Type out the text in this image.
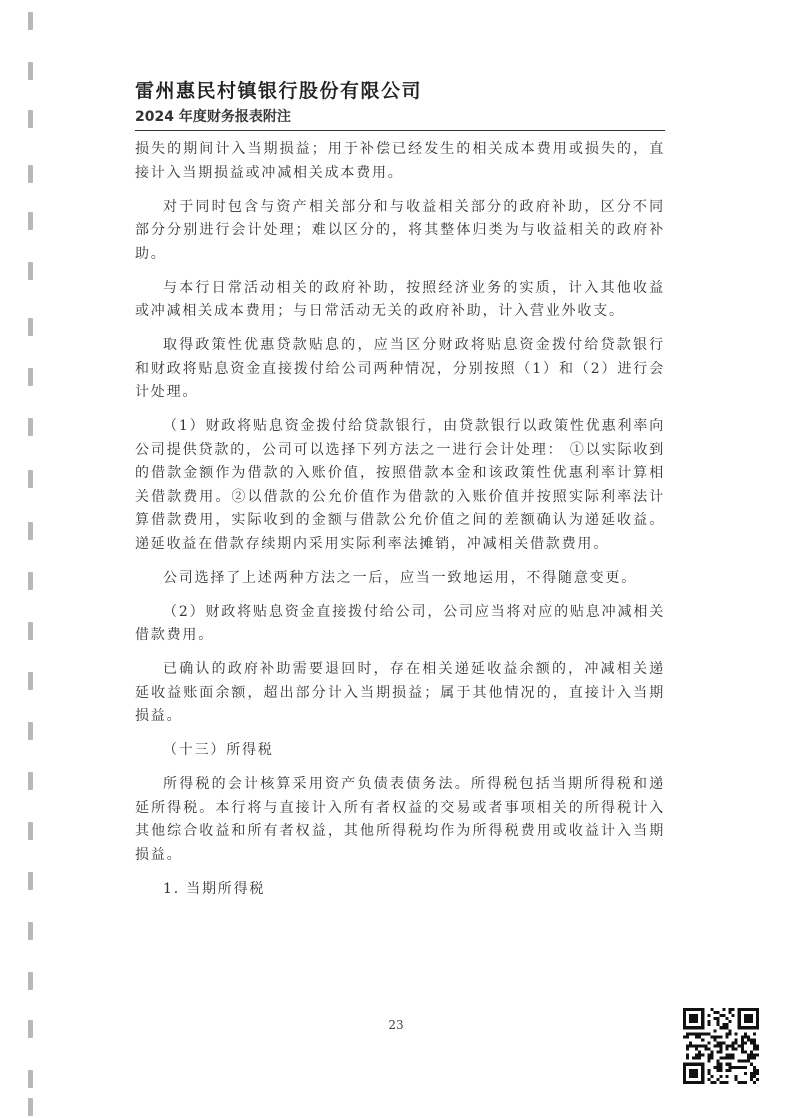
雷州惠民村镇银行股份有限公司
2024 年度财务报表附注

损失的期间计入当期损益；用于补偿已经发生的相关成本费用或损失的，直接计入当期损益或冲减相关成本费用。

对于同时包含与资产相关部分和与收益相关部分的政府补助，区分不同部分分别进行会计处理；难以区分的，将其整体归类为与收益相关的政府补助。

与本行日常活动相关的政府补助，按照经济业务的实质，计入其他收益或冲减相关成本费用；与日常活动无关的政府补助，计入营业外收支。

取得政策性优惠贷款贴息的，应当区分财政将贴息资金拨付给贷款银行和财政将贴息资金直接拨付给公司两种情况，分别按照（1）和（2）进行会计处理。

（1）财政将贴息资金拨付给贷款银行，由贷款银行以政策性优惠利率向公司提供贷款的，公司可以选择下列方法之一进行会计处理： ①以实际收到的借款金额作为借款的入账价值，按照借款本金和该政策性优惠利率计算相关借款费用。②以借款的公允价值作为借款的入账价值并按照实际利率法计算借款费用，实际收到的金额与借款公允价值之间的差额确认为递延收益。递延收益在借款存续期内采用实际利率法摊销，冲减相关借款费用。

公司选择了上述两种方法之一后，应当一致地运用，不得随意变更。

（2）财政将贴息资金直接拨付给公司，公司应当将对应的贴息冲减相关借款费用。

已确认的政府补助需要退回时，存在相关递延收益余额的，冲减相关递延收益账面余额，超出部分计入当期损益；属于其他情况的，直接计入当期损益。

（十三）所得税

所得税的会计核算采用资产负债表债务法。所得税包括当期所得税和递延所得税。本行将与直接计入所有者权益的交易或者事项相关的所得税计入其他综合收益和所有者权益，其他所得税均作为所得税费用或收益计入当期损益。

1. 当期所得税

23
